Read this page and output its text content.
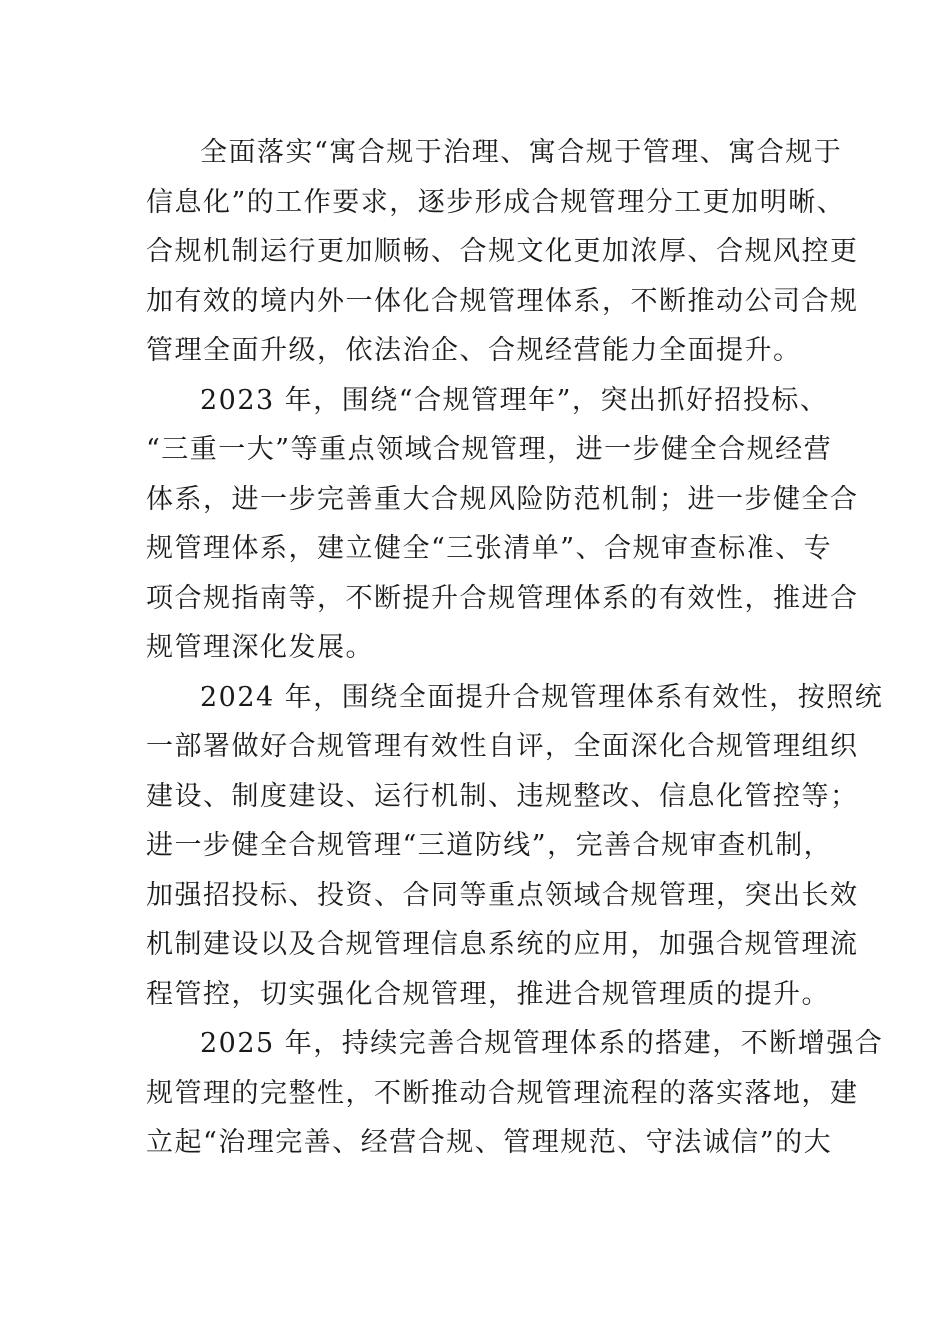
全面落实“寓合规于治理、寓合规于管理、寓合规于
信息化”的工作要求，逐步形成合规管理分工更加明晰、
合规机制运行更加顺畅、合规文化更加浓厚、合规风控更
加有效的境内外一体化合规管理体系，不断推动公司合规
管理全面升级，依法治企、合规经营能力全面提升。

2023 年，围绕“合规管理年”，突出抓好招投标、
“三重一大”等重点领域合规管理，进一步健全合规经营
体系，进一步完善重大合规风险防范机制；进一步健全合
规管理体系，建立健全“三张清单”、合规审查标准、专
项合规指南等，不断提升合规管理体系的有效性，推进合
规管理深化发展。

2024 年，围绕全面提升合规管理体系有效性，按照统
一部署做好合规管理有效性自评，全面深化合规管理组织
建设、制度建设、运行机制、违规整改、信息化管控等；
进一步健全合规管理“三道防线”，完善合规审查机制，
加强招投标、投资、合同等重点领域合规管理，突出长效
机制建设以及合规管理信息系统的应用，加强合规管理流
程管控，切实强化合规管理，推进合规管理质的提升。

2025 年，持续完善合规管理体系的搭建，不断增强合
规管理的完整性，不断推动合规管理流程的落实落地，建
立起“治理完善、经营合规、管理规范、守法诚信”的大
